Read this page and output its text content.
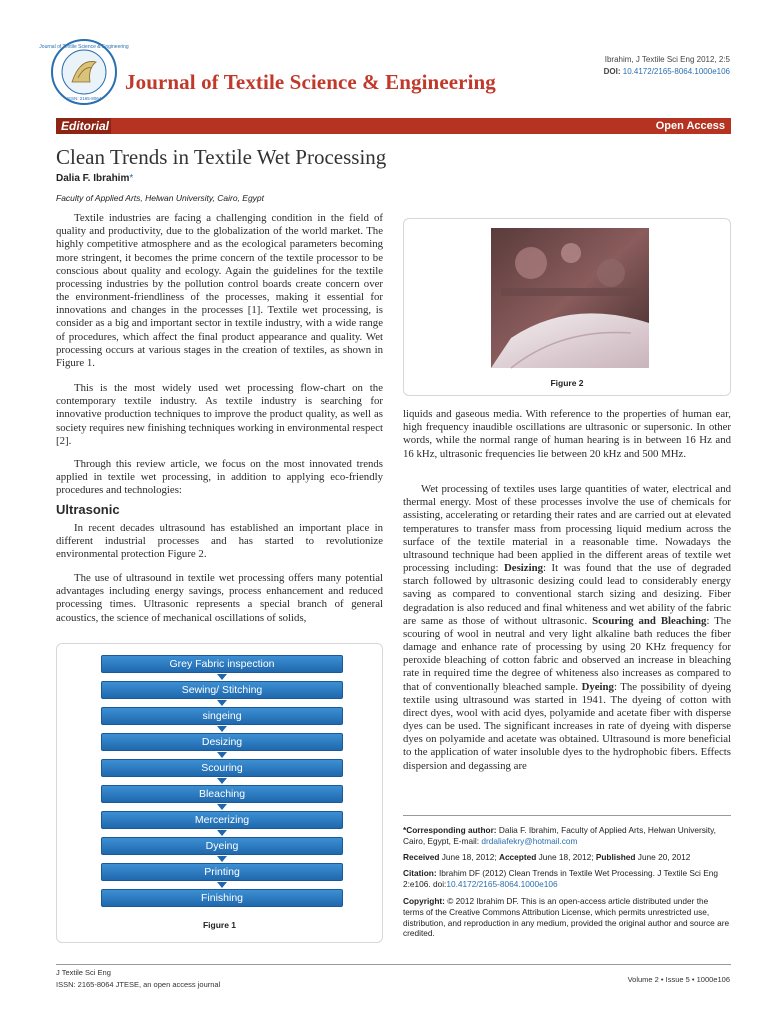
Journal of Textile Science & Engineering
ISSN: 2165-8064
Journal of Textile Science & Engineering
Ibrahim, J Textile Sci Eng 2012, 2:5
DOI: 10.4172/2165-8064.1000e106
Editorial	Open Access
Clean Trends in Textile Wet Processing
Dalia F. Ibrahim*
Faculty of Applied Arts, Helwan University, Cairo, Egypt
Textile industries are facing a challenging condition in the field of quality and productivity, due to the globalization of the world market. The highly competitive atmosphere and as the ecological parameters becoming more stringent, it becomes the prime concern of the textile processor to be conscious about quality and ecology. Again the guidelines for the textile processing industries by the pollution control boards create concern over the environment-friendliness of the processes, making it essential for innovations and changes in the processes [1]. Textile wet processing, is consider as a big and important sector in textile industry, with a wide range of procedures, which affect the final product appearance and quality. Wet processing occurs at various stages in the creation of textiles, as shown in Figure 1.
This is the most widely used wet processing flow-chart on the contemporary textile industry. As textile industry is searching for innovative production techniques to improve the product quality, as well as society requires new finishing techniques working in environmental respect [2].
Through this review article, we focus on the most innovated trends applied in textile wet processing, in addition to applying eco-friendly procedures and technologies:
Ultrasonic
In recent decades ultrasound has established an important place in different industrial processes and has started to revolutionize environmental protection Figure 2.
The use of ultrasound in textile wet processing offers many potential advantages including energy savings, process enhancement and reduced processing times. Ultrasonic represents a special branch of general acoustics, the science of mechanical oscillations of solids,
Grey Fabric inspection
Sewing/ Stitching
singeing
Desizing
Scouring
Bleaching
Mercerizing
Dyeing
Printing
Finishing
Figure 1
Figure 2
liquids and gaseous media. With reference to the properties of human ear, high frequency inaudible oscillations are ultrasonic or supersonic. In other words, while the normal range of human hearing is in between 16 Hz and 16 kHz, ultrasonic frequencies lie between 20 kHz and 500 MHz.
Wet processing of textiles uses large quantities of water, electrical and thermal energy. Most of these processes involve the use of chemicals for assisting, accelerating or retarding their rates and are carried out at elevated temperatures to transfer mass from processing liquid medium across the surface of the textile material in a reasonable time. Nowadays the ultrasound technique had been applied in the different areas of textile wet processing including: Desizing: It was found that the use of degraded starch followed by ultrasonic desizing could lead to considerably energy saving as compared to conventional starch sizing and desizing. Fiber degradation is also reduced and final whiteness and wet ability of the fabric are same as those of without ultrasonic. Scouring and Bleaching: The scouring of wool in neutral and very light alkaline bath reduces the fiber damage and enhance rate of processing by using 20 KHz frequency for peroxide bleaching of cotton fabric and observed an increase in bleaching rate in required time the degree of whiteness also increases as compared to that of conventionally bleached sample. Dyeing: The possibility of dyeing textile using ultrasound was started in 1941. The dyeing of cotton with direct dyes, wool with acid dyes, polyamide and acetate fiber with disperse dyes can be used. The significant increases in rate of dyeing with disperse dyes on polyamide and acetate was obtained. Ultrasound is more beneficial to the application of water insoluble dyes to the hydrophobic fibers. Effects dispersion and degassing are
*Corresponding author: Dalia F. Ibrahim, Faculty of Applied Arts, Helwan University, Cairo, Egypt, E-mail: drdaliafekry@hotmail.com
Received June 18, 2012; Accepted June 18, 2012; Published June 20, 2012
Citation: Ibrahim DF (2012) Clean Trends in Textile Wet Processing. J Textile Sci Eng 2:e106. doi:10.4172/2165-8064.1000e106
Copyright: © 2012 Ibrahim DF. This is an open-access article distributed under the terms of the Creative Commons Attribution License, which permits unrestricted use, distribution, and reproduction in any medium, provided the original author and source are credited.
J Textile Sci Eng
ISSN: 2165-8064 JTESE, an open access journal
Volume 2 • Issue 5 • 1000e106
